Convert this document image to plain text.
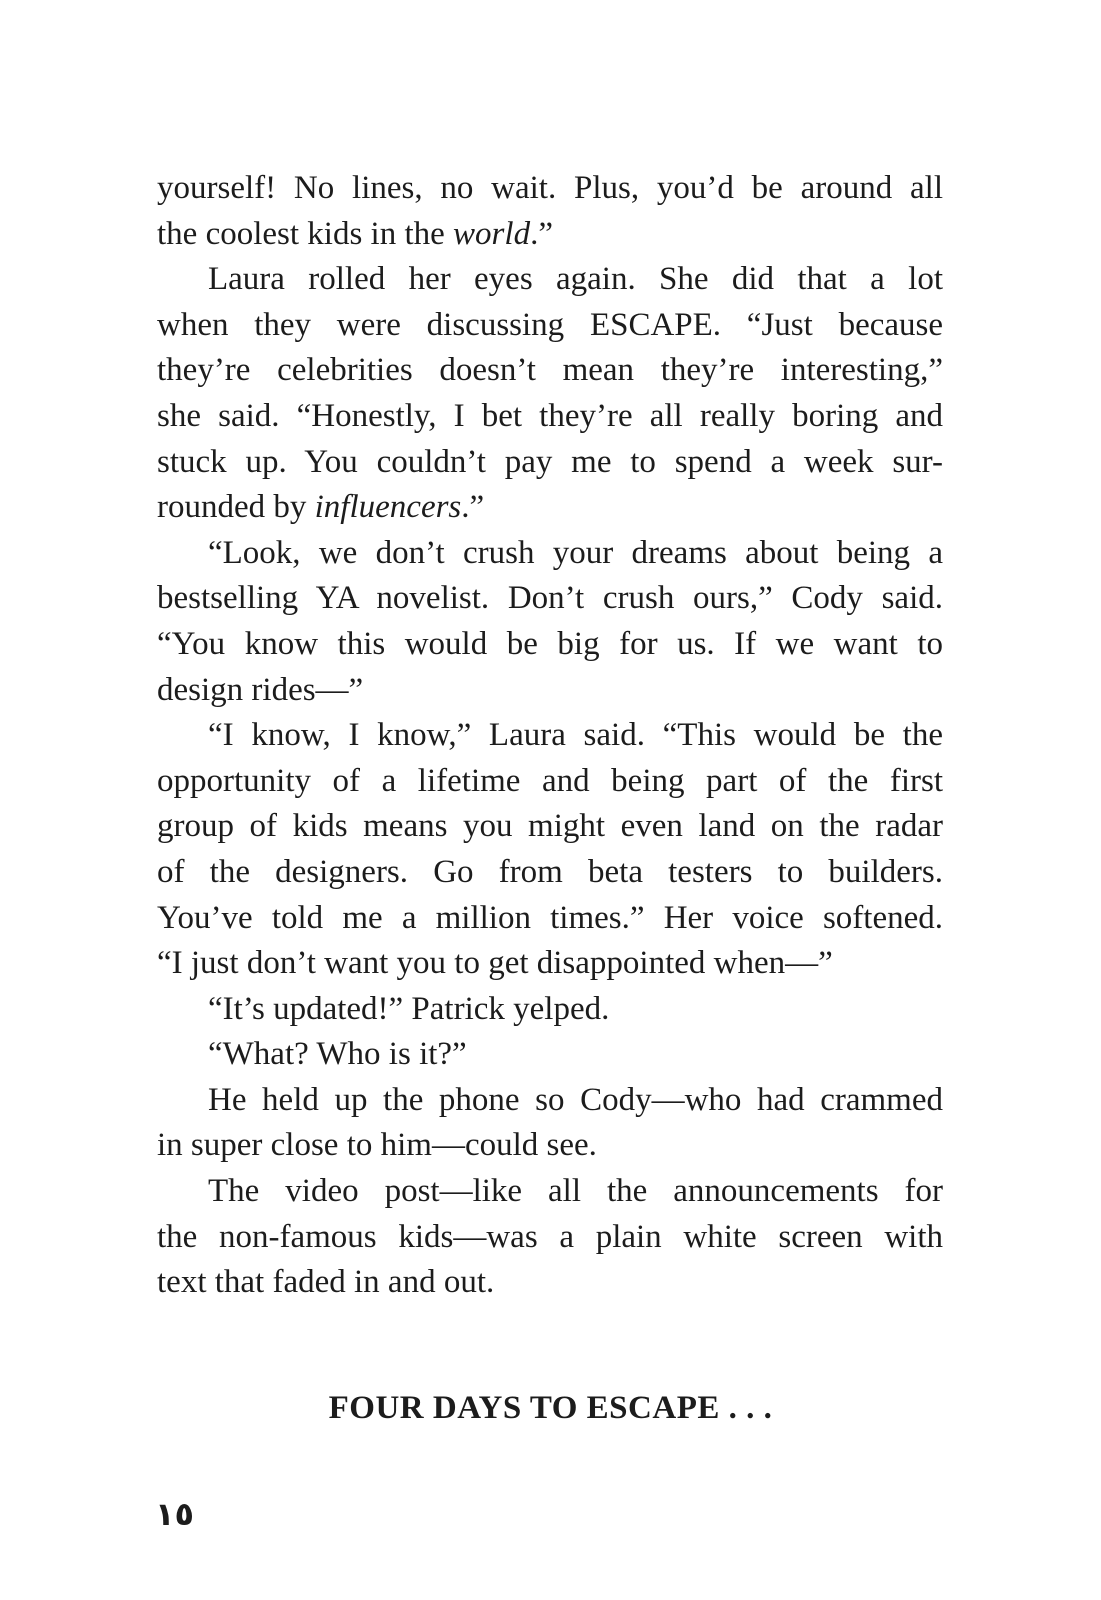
yourself! No lines, no wait. Plus, you’d be around all
the coolest kids in the world.”
Laura rolled her eyes again. She did that a lot
when they were discussing ESCAPE. “Just because
they’re celebrities doesn’t mean they’re interesting,”
she said. “Honestly, I bet they’re all really boring and
stuck up. You couldn’t pay me to spend a week sur-
rounded by influencers.”
“Look, we don’t crush your dreams about being a
bestselling YA novelist. Don’t crush ours,” Cody said.
“You know this would be big for us. If we want to
design rides—”
“I know, I know,” Laura said. “This would be the
opportunity of a lifetime and being part of the first
group of kids means you might even land on the radar
of the designers. Go from beta testers to builders.
You’ve told me a million times.” Her voice softened.
“I just don’t want you to get disappointed when—”
“It’s updated!” Patrick yelped.
“What? Who is it?”
He held up the phone so Cody—who had crammed
in super close to him—could see.
The video post—like all the announcements for
the non-famous kids—was a plain white screen with
text that faded in and out.
FOUR DAYS TO ESCAPE . . .
١٥
